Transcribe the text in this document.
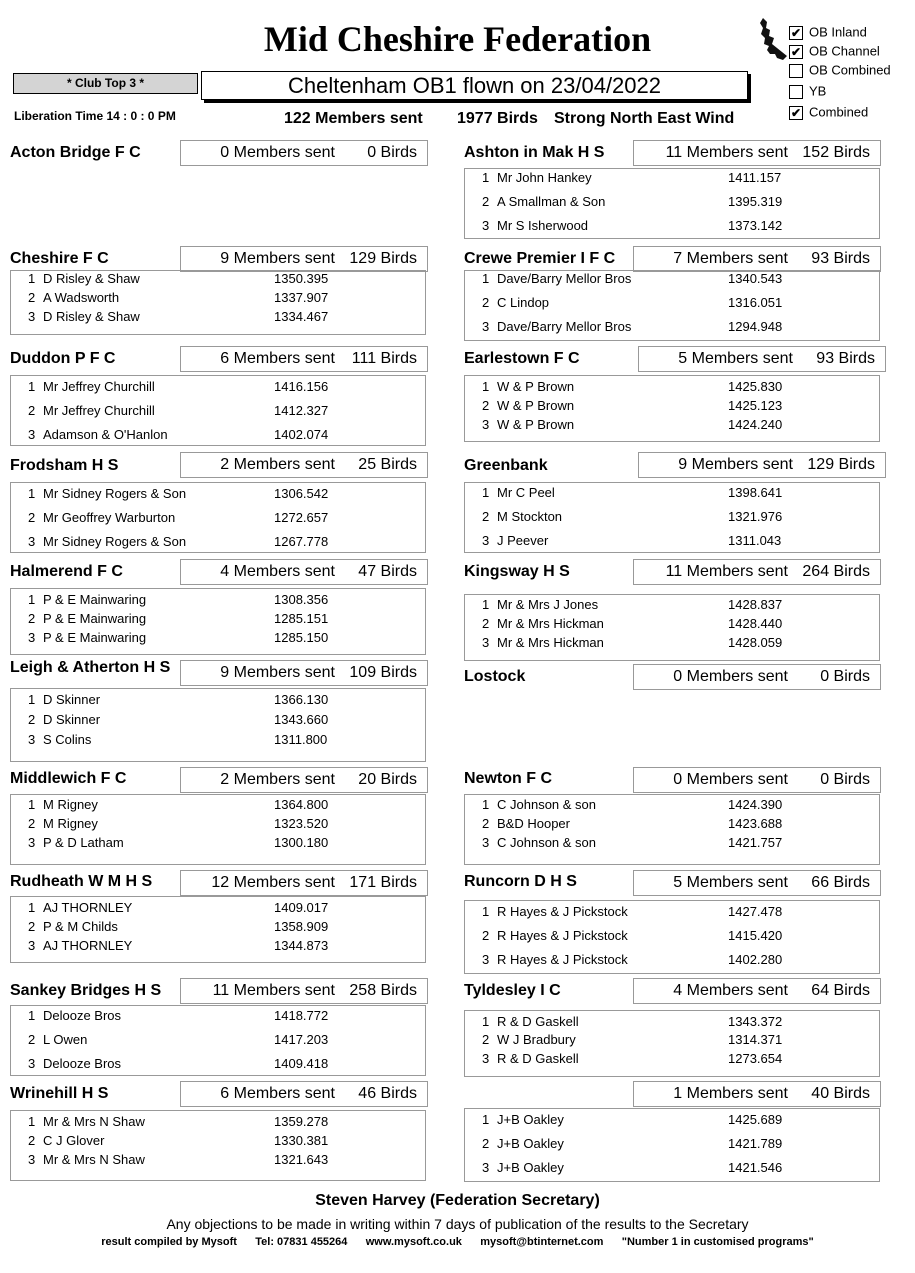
Mid Cheshire Federation	✔ OB Inland
✔ OB Channel
OB Combined
YB
✔ Combined
* Club Top 3 *	Cheltenham OB1 flown on 23/04/2022
Liberation Time 14 : 0 : 0 PM	122 Members sent 1977 Birds Strong North East Wind
Acton Bridge F C	0 Members sent 0 Birds	Ashton in Mak H S	11 Members sent 152 Birds
1 Mr John Hankey	1411.157
2 A Smallman & Son	1395.319
3 Mr S Isherwood	1373.142
Cheshire F C	9 Members sent 129 Birds
1 D Risley & Shaw	1350.395
2 A Wadsworth	1337.907
3 D Risley & Shaw	1334.467
Crewe Premier I F C	7 Members sent 93 Birds
1 Dave/Barry Mellor Bros	1340.543
2 C Lindop	1316.051
3 Dave/Barry Mellor Bros	1294.948
Duddon P F C	6 Members sent 111 Birds
1 Mr Jeffrey Churchill	1416.156
2 Mr Jeffrey Churchill	1412.327
3 Adamson & O'Hanlon	1402.074
Earlestown F C	5 Members sent 93 Birds
1 W & P Brown	1425.830
2 W & P Brown	1425.123
3 W & P Brown	1424.240
Frodsham H S	2 Members sent 25 Birds
1 Mr Sidney Rogers & Son	1306.542
2 Mr Geoffrey Warburton	1272.657
3 Mr Sidney Rogers & Son	1267.778
Greenbank	9 Members sent 129 Birds
1 Mr C Peel	1398.641
2 M Stockton	1321.976
3 J Peever	1311.043
Halmerend F C	4 Members sent 47 Birds
1 P & E Mainwaring	1308.356
2 P & E Mainwaring	1285.151
3 P & E Mainwaring	1285.150
Kingsway H S	11 Members sent 264 Birds
1 Mr & Mrs J Jones	1428.837
2 Mr & Mrs Hickman	1428.440
3 Mr & Mrs Hickman	1428.059
Leigh & Atherton H S	9 Members sent 109 Birds
1 D Skinner	1366.130
2 D Skinner	1343.660
3 S Colins	1311.800
Lostock	0 Members sent 0 Birds
Middlewich F C	2 Members sent 20 Birds
1 M Rigney	1364.800
2 M Rigney	1323.520
3 P & D Latham	1300.180
Newton F C	0 Members sent 0 Birds
1 C Johnson & son	1424.390
2 B&D Hooper	1423.688
3 C Johnson & son	1421.757
Rudheath W M H S	12 Members sent 171 Birds
1 AJ THORNLEY	1409.017
2 P & M Childs	1358.909
3 AJ THORNLEY	1344.873
Runcorn D H S	5 Members sent 66 Birds
1 R Hayes & J Pickstock	1427.478
2 R Hayes & J Pickstock	1415.420
3 R Hayes & J Pickstock	1402.280
Sankey Bridges H S	11 Members sent 258 Birds
1 Delooze Bros	1418.772
2 L Owen	1417.203
3 Delooze Bros	1409.418
Tyldesley I C	4 Members sent 64 Birds
1 R & D Gaskell	1343.372
2 W J Bradbury	1314.371
3 R & D Gaskell	1273.654
Wrinehill H S	6 Members sent 46 Birds
1 Mr & Mrs N Shaw	1359.278
2 C J Glover	1330.381
3 Mr & Mrs N Shaw	1321.643
1 Members sent 40 Birds
1 J+B Oakley	1425.689
2 J+B Oakley	1421.789
3 J+B Oakley	1421.546
Steven Harvey (Federation Secretary)
Any objections to be made in writing within 7 days of publication of the results to the Secretary
result compiled by Mysoft      Tel: 07831 455264      www.mysoft.co.uk      mysoft@btinternet.com      "Number 1 in customised programs"
